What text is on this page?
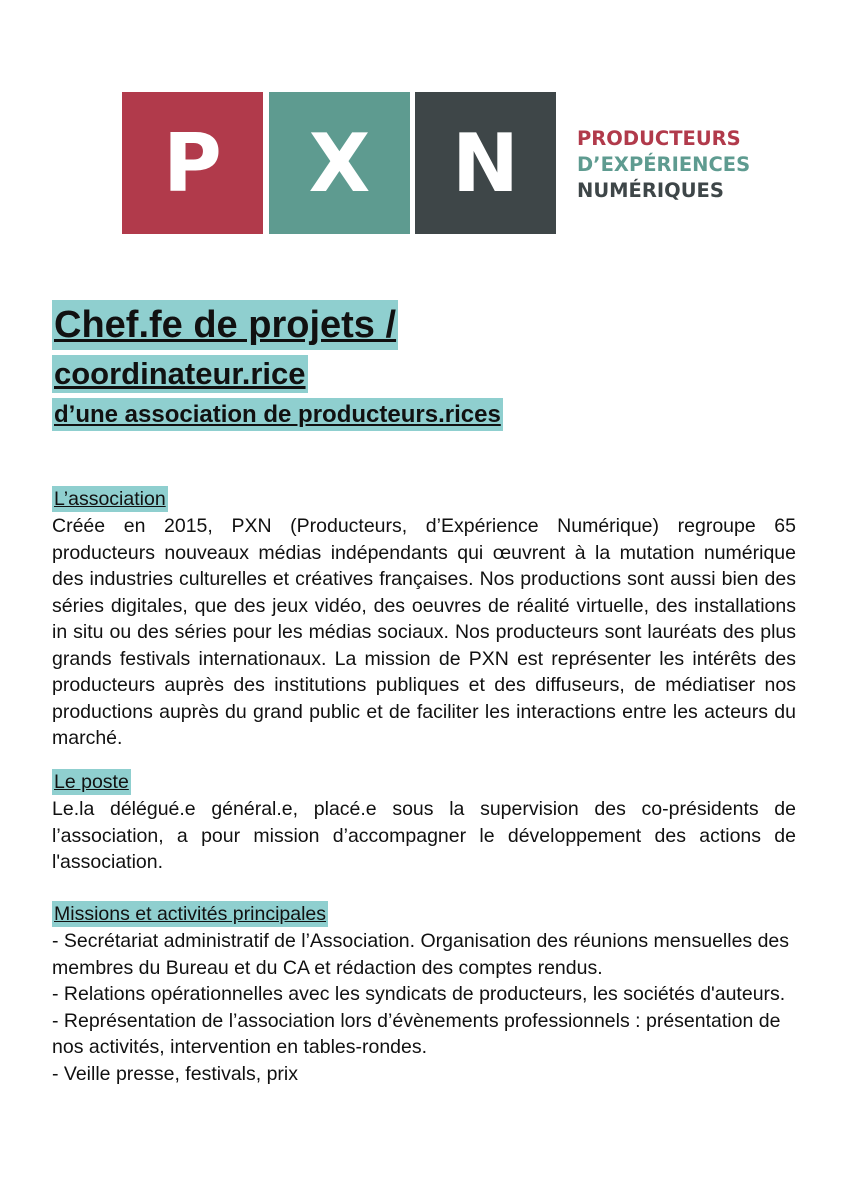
P	X	N	PRODUCTEURS
D’EXPÉRIENCES
NUMÉRIQUES
Chef.fe de projets /
coordinateur.rice
d’une association de producteurs.rices
L’association

Créée en 2015, PXN (Producteurs, d’Expérience Numérique) regroupe 65 producteurs nouveaux médias indépendants qui œuvrent à la mutation numérique des industries culturelles et créatives françaises. Nos productions sont aussi bien des séries digitales, que des jeux vidéo, des oeuvres de réalité virtuelle, des installations in situ ou des séries pour les médias sociaux. Nos producteurs sont lauréats des plus grands festivals internationaux. La mission de PXN est représenter les intérêts des producteurs auprès des institutions publiques et des diffuseurs, de médiatiser nos productions auprès du grand public et de faciliter les interactions entre les acteurs du marché.

Le poste

Le.la délégué.e général.e, placé.e sous la supervision des co-présidents de l’association, a pour mission d’accompagner le développement des actions de l'association.

Missions et activités principales
- Secrétariat administratif de l’Association. Organisation des réunions mensuelles des membres du Bureau et du CA et rédaction des comptes rendus.
- Relations opérationnelles avec les syndicats de producteurs, les sociétés d'auteurs.
- Représentation de l’association lors d’évènements professionnels : présentation de nos activités, intervention en tables-rondes.
- Veille presse, festivals, prix
